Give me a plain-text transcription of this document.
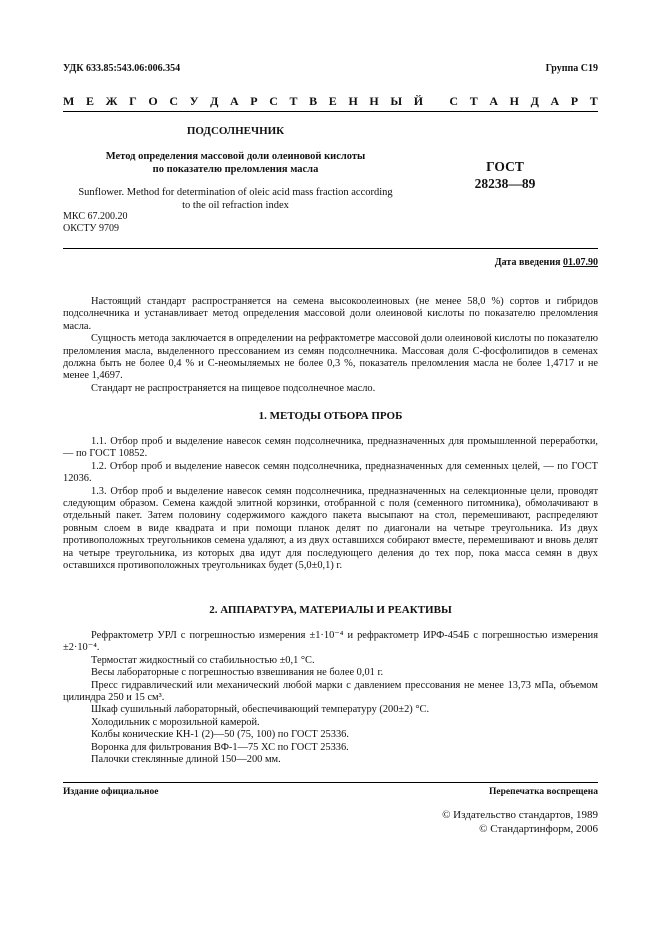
УДК 633.85:543.06:006.354	Группа С19
М Е Ж Г О С У Д А Р С Т В Е Н Н Ы Й
С Т А Н Д А Р Т
ПОДСОЛНЕЧНИК
Метод определения массовой доли олеиновой кислоты
по показателю преломления масла
Sunflower. Method for determination of oleic acid mass fraction according
to the oil refraction index
МКС 67.200.20
ОКСТУ 9709
ГОСТ
28238—89
Дата введения 01.07.90

Настоящий стандарт распространяется на семена высокоолеиновых (не менее 58,0 %) сортов и гибридов подсолнечника и устанавливает метод определения массовой доли олеиновой кислоты по показателю преломления масла.

Сущность метода заключается в определении на рефрактометре массовой доли олеиновой кислоты по показателю преломления масла, выделенного прессованием из семян подсолнечника. Массовая доля С-фосфолипидов в семенах должна быть не более 0,4 % и С-неомыляемых не более 0,3 %, показатель преломления масла не более 1,4717 и не менее 1,4697.

Стандарт не распространяется на пищевое подсолнечное масло.

1. МЕТОДЫ ОТБОРА ПРОБ

1.1. Отбор проб и выделение навесок семян подсолнечника, предназначенных для промышленной переработки, — по ГОСТ 10852.

1.2. Отбор проб и выделение навесок семян подсолнечника, предназначенных для семенных целей, — по ГОСТ 12036.

1.3. Отбор проб и выделение навесок семян подсолнечника, предназначенных на селекционные цели, проводят следующим образом. Семена каждой элитной корзинки, отобранной с поля (семенного питомника), обмолачивают в отдельный пакет. Затем половину содержимого каждого пакета высыпают на стол, перемешивают, распределяют ровным слоем в виде квадрата и при помощи планок делят по диагонали на четыре треугольника. Из двух противоположных треугольников семена удаляют, а из двух оставшихся собирают вместе, перемешивают и вновь делят на четыре треугольника, из которых два идут для последующего деления до тех пор, пока масса семян в двух оставшихся противоположных треугольниках будет (5,0±0,1) г.

2. АППАРАТУРА, МАТЕРИАЛЫ И РЕАКТИВЫ

Рефрактометр УРЛ с погрешностью измерения ±1·10⁻⁴ и рефрактометр ИРФ-454Б с погрешностью измерения ±2·10⁻⁴.

Термостат жидкостный со стабильностью ±0,1 °С.

Весы лабораторные с погрешностью взвешивания не более 0,01 г.

Пресс гидравлический или механический любой марки с давлением прессования не менее 13,73 мПа, объемом цилиндра 250 и 15 см³.

Шкаф сушильный лабораторный, обеспечивающий температуру (200±2) °С.

Холодильник с морозильной камерой.

Колбы конические КН-1 (2)—50 (75, 100) по ГОСТ 25336.

Воронка для фильтрования ВФ-1—75 ХС по ГОСТ 25336.

Палочки стеклянные длиной 150—200 мм.

Издание официальное	Перепечатка воспрещена
© Издательство стандартов, 1989
© Стандартинформ, 2006
